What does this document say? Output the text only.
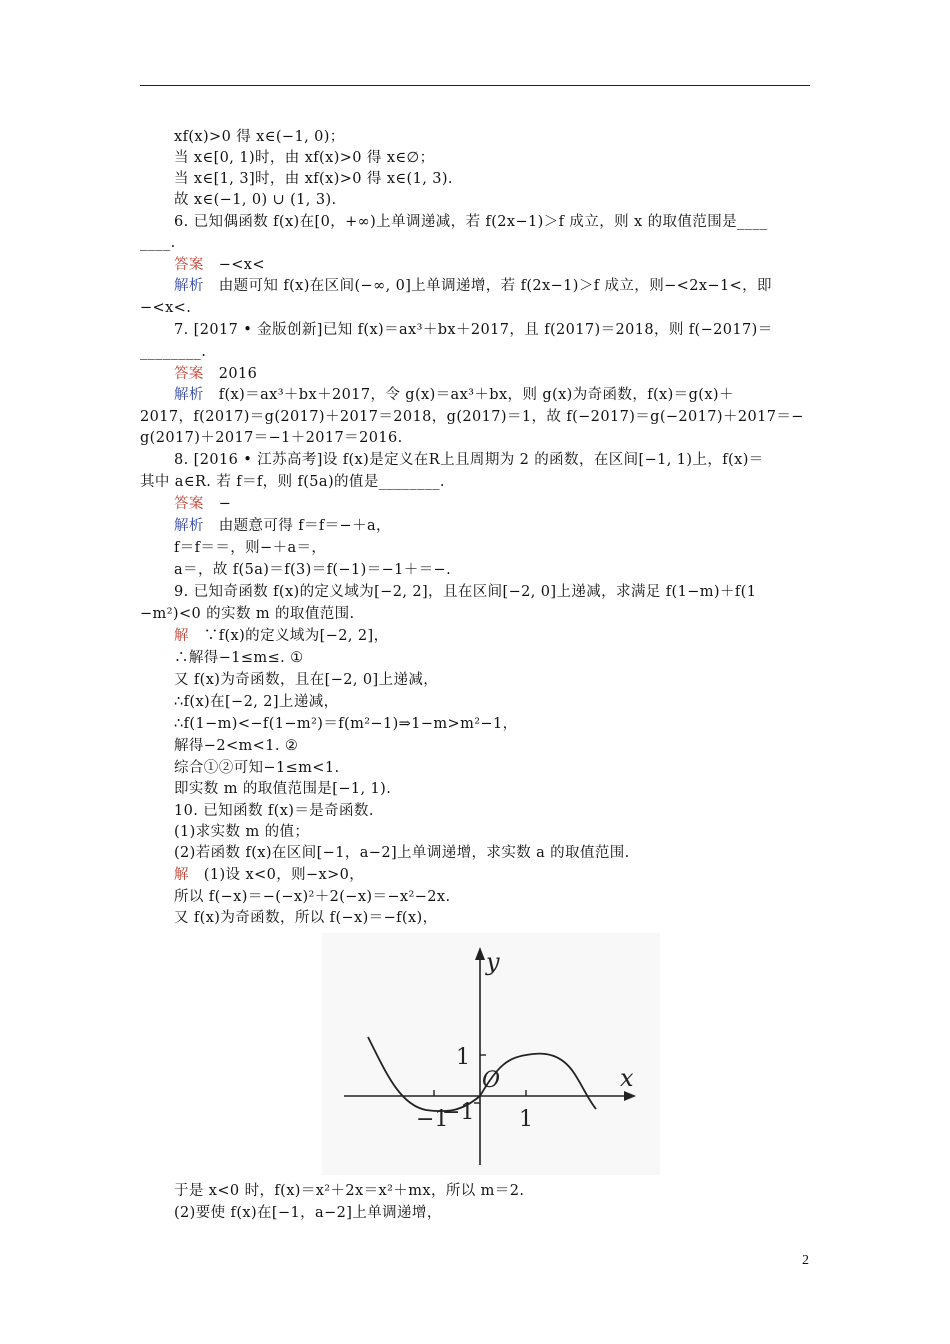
xf(x)>0 得 x∈(−1, 0)；
当 x∈[0, 1)时，由 xf(x)>0 得 x∈∅；
当 x∈[1, 3]时，由 xf(x)>0 得 x∈(1, 3).
故 x∈(−1, 0) ∪ (1, 3).
6. 已知偶函数 f(x)在[0，+∞)上单调递减，若 f(2x−1)＞f 成立，则 x 的取值范围是____
____.
答案　−<x<
解析　由题可知 f(x)在区间(−∞, 0]上单调递增，若 f(2x−1)＞f 成立，则−<2x−1<，即
−<x<.
7. [2017 • 金版创新]已知 f(x)＝ax³＋bx＋2017，且 f(2017)＝2018，则 f(−2017)＝
________.
答案　2016
解析　f(x)＝ax³＋bx＋2017，令 g(x)＝ax³＋bx，则 g(x)为奇函数，f(x)＝g(x)＋
2017，f(2017)＝g(2017)＋2017＝2018，g(2017)＝1，故 f(−2017)＝g(−2017)＋2017＝−
g(2017)＋2017＝−1＋2017＝2016.
8. [2016 • 江苏高考]设 f(x)是定义在R上且周期为 2 的函数，在区间[−1, 1)上，f(x)＝
其中 a∈R. 若 f＝f，则 f(5a)的值是________.
答案　−
解析　由题意可得 f＝f＝−＋a，
f＝f＝＝，则−＋a＝，
a＝，故 f(5a)＝f(3)＝f(−1)＝−1＋＝−.
9. 已知奇函数 f(x)的定义域为[−2, 2]，且在区间[−2, 0]上递减，求满足 f(1−m)＋f(1
−m²)<0 的实数 m 的取值范围.
解　∵f(x)的定义域为[−2, 2]，
∴解得−1≤m≤. ①
又 f(x)为奇函数，且在[−2, 0]上递减，
∴f(x)在[−2, 2]上递减，
∴f(1−m)<−f(1−m²)＝f(m²−1)⇒1−m>m²−1，
解得−2<m<1. ②
综合①②可知−1≤m<1.
即实数 m 的取值范围是[−1, 1).
10. 已知函数 f(x)＝是奇函数.
(1)求实数 m 的值；
(2)若函数 f(x)在区间[−1，a−2]上单调递增，求实数 a 的取值范围.
解　(1)设 x<0，则−x>0，
所以 f(−x)＝−(−x)²＋2(−x)＝−x²−2x.
又 f(x)为奇函数，所以 f(−x)＝−f(x)，
y
x
O
−1	1
1
−1
于是 x<0 时，f(x)＝x²＋2x＝x²＋mx，所以 m＝2.
(2)要使 f(x)在[−1，a−2]上单调递增，
2
